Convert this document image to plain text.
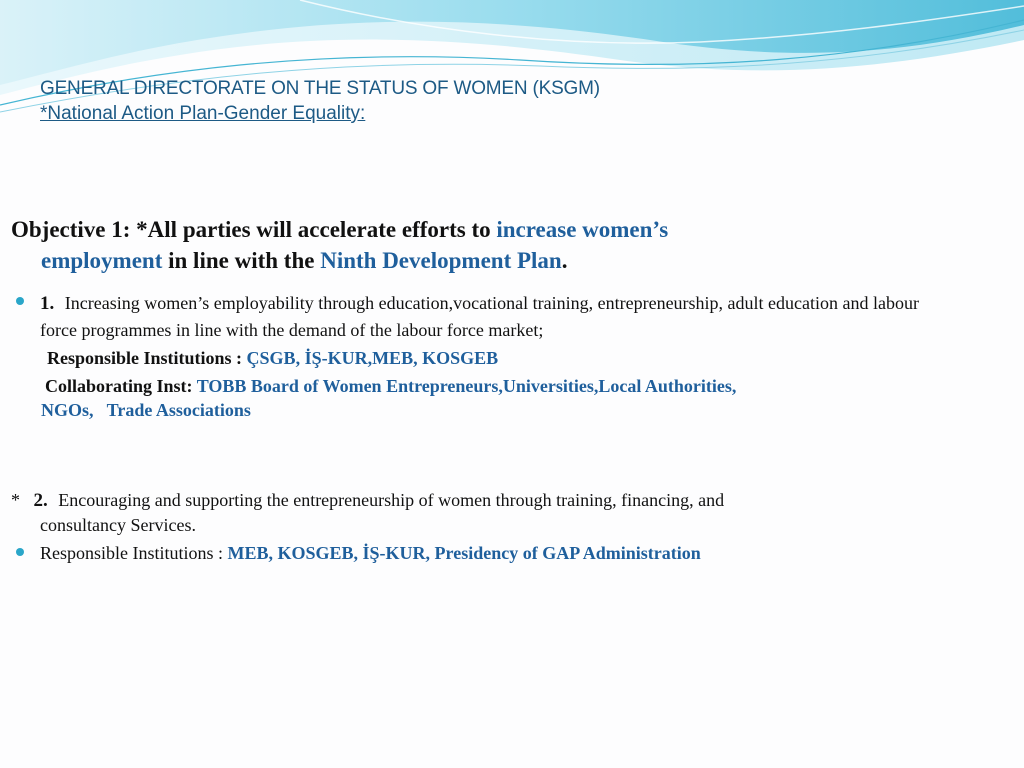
GENERAL DIRECTORATE ON THE STATUS OF WOMEN (KSGM)
*National Action Plan-Gender Equality:
Objective 1: *All parties will accelerate efforts to increase women’s
employment in line with the Ninth Development Plan.
1. Increasing women’s employability through education,vocational training, entrepreneurship, adult education and labour force programmes in line with the demand of the labour force market;
Responsible Institutions : ÇSGB, İŞ-KUR,MEB, KOSGEB
Collaborating Inst: TOBB Board of Women Entrepreneurs,Universities,Local Authorities,
NGOs,   Trade Associations
* 2. Encouraging and supporting the entrepreneurship of women through training, financing, and
consultancy Services.
Responsible Institutions : MEB, KOSGEB, İŞ-KUR, Presidency of GAP Administration
